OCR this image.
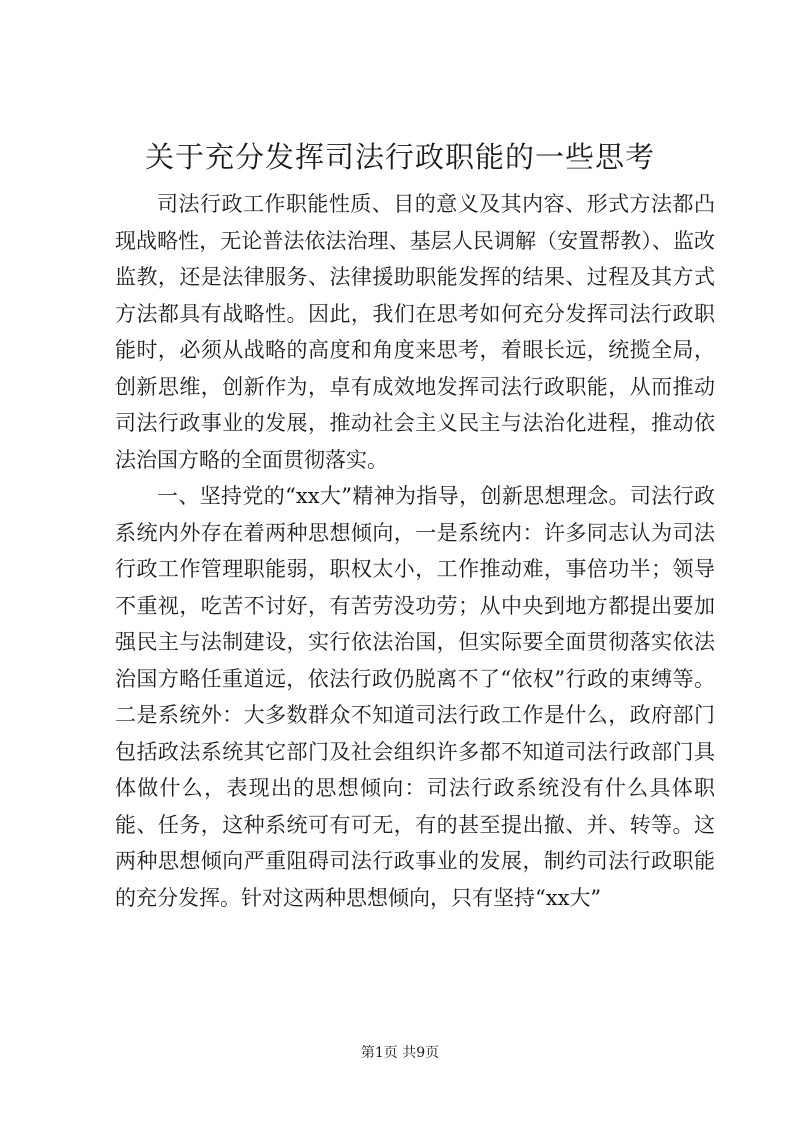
关于充分发挥司法行政职能的一些思考

司法行政工作职能性质、目的意义及其内容、形式方法都凸现战略性，无论普法依法治理、基层人民调解（安置帮教）、监改监教，还是法律服务、法律援助职能发挥的结果、过程及其方式方法都具有战略性。因此，我们在思考如何充分发挥司法行政职能时，必须从战略的高度和角度来思考，着眼长远，统揽全局，创新思维，创新作为，卓有成效地发挥司法行政职能，从而推动司法行政事业的发展，推动社会主义民主与法治化进程，推动依法治国方略的全面贯彻落实。

一、坚持党的“xx大”精神为指导，创新思想理念。司法行政系统内外存在着两种思想倾向，一是系统内：许多同志认为司法行政工作管理职能弱，职权太小，工作推动难，事倍功半；领导不重视，吃苦不讨好，有苦劳没功劳；从中央到地方都提出要加强民主与法制建设，实行依法治国，但实际要全面贯彻落实依法治国方略任重道远，依法行政仍脱离不了“依权”行政的束缚等。二是系统外：大多数群众不知道司法行政工作是什么，政府部门包括政法系统其它部门及社会组织许多都不知道司法行政部门具体做什么，表现出的思想倾向：司法行政系统没有什么具体职能、任务，这种系统可有可无，有的甚至提出撤、并、转等。这两种思想倾向严重阻碍司法行政事业的发展，制约司法行政职能的充分发挥。针对这两种思想倾向，只有坚持“xx大”

第1页 共9页
